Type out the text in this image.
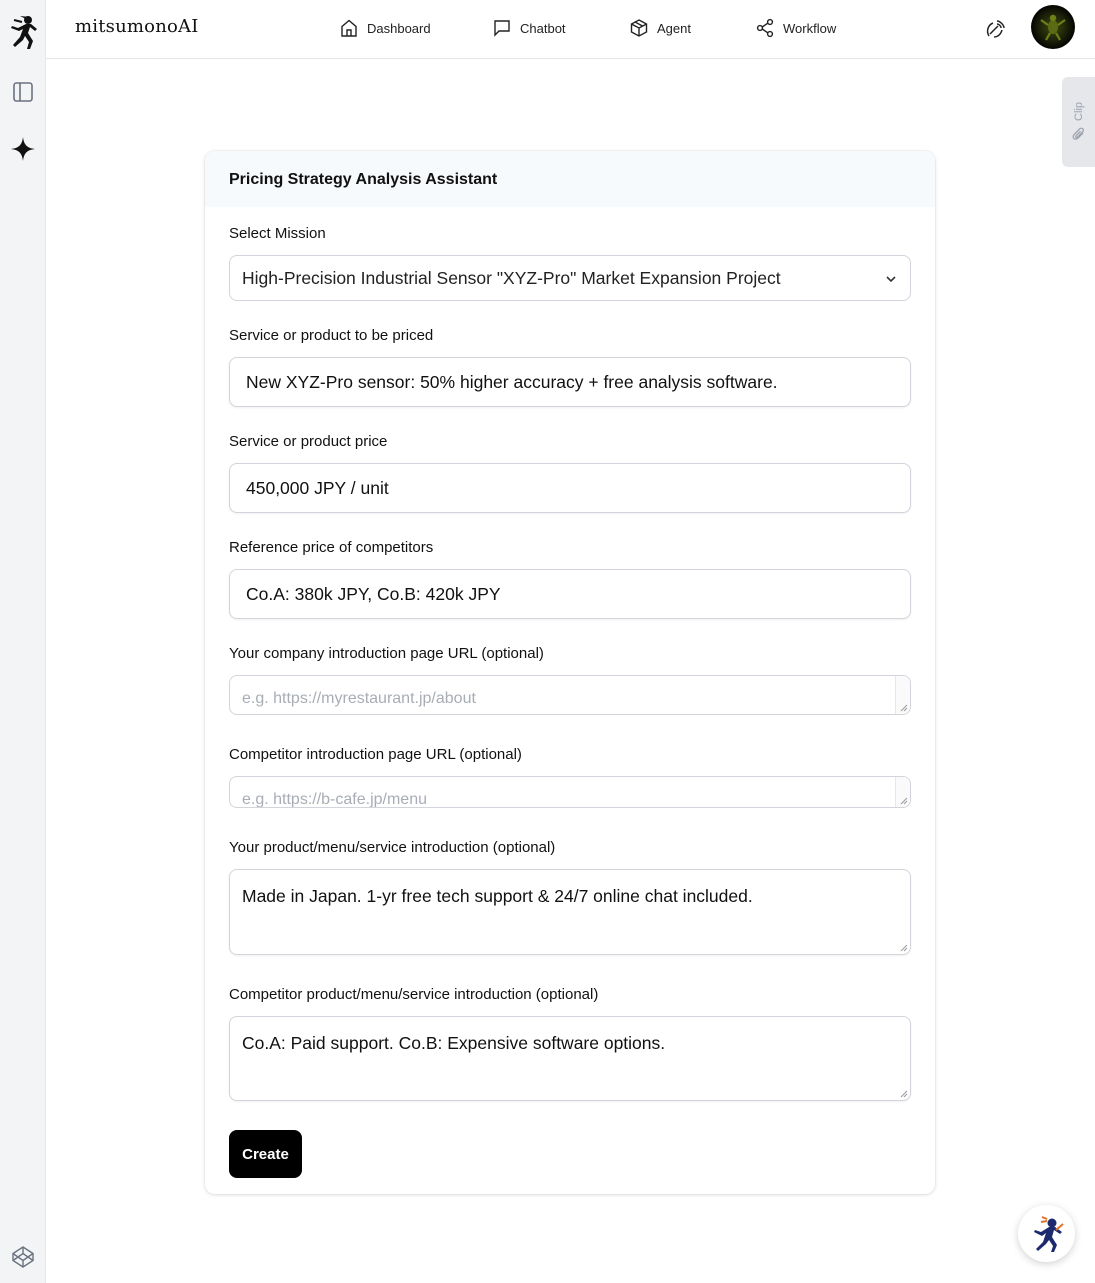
mitsumonoAI	Dashboard	Chatbot	Agent	Workflow
Clip
Pricing Strategy Analysis Assistant
Select Mission
High-Precision Industrial Sensor "XYZ-Pro" Market Expansion Project
Service or product to be priced
New XYZ-Pro sensor: 50% higher accuracy + free analysis software.
Service or product price
450,000 JPY / unit
Reference price of competitors
Co.A: 380k JPY, Co.B: 420k JPY
Your company introduction page URL (optional)
e.g. https://myrestaurant.jp/about
Competitor introduction page URL (optional)
e.g. https://b-cafe.jp/menu
Your product/menu/service introduction (optional)
Made in Japan. 1-yr free tech support & 24/7 online chat included.
Competitor product/menu/service introduction (optional)
Co.A: Paid support. Co.B: Expensive software options.
Create
